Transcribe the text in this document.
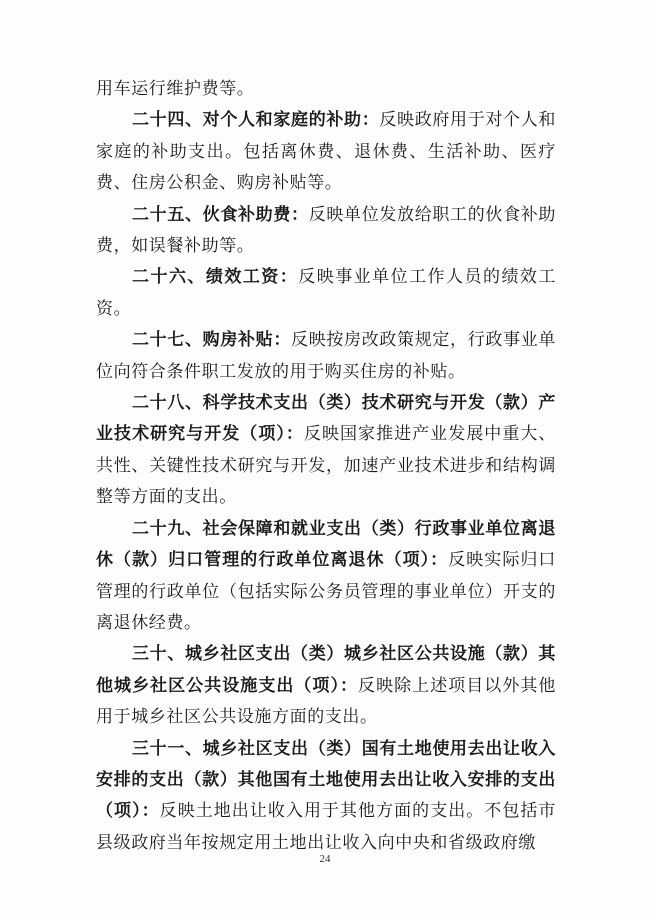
用车运行维护费等。

二十四、对个人和家庭的补助：反映政府用于对个人和家庭的补助支出。包括离休费、退休费、生活补助、医疗费、住房公积金、购房补贴等。

二十五、伙食补助费：反映单位发放给职工的伙食补助费，如误餐补助等。

二十六、绩效工资：反映事业单位工作人员的绩效工资。

二十七、购房补贴：反映按房改政策规定，行政事业单位向符合条件职工发放的用于购买住房的补贴。

二十八、科学技术支出（类）技术研究与开发（款）产业技术研究与开发（项）：反映国家推进产业发展中重大、共性、关键性技术研究与开发，加速产业技术进步和结构调整等方面的支出。

二十九、社会保障和就业支出（类）行政事业单位离退休（款）归口管理的行政单位离退休（项）：反映实际归口管理的行政单位（包括实际公务员管理的事业单位）开支的离退休经费。

三十、城乡社区支出（类）城乡社区公共设施（款）其他城乡社区公共设施支出（项）：反映除上述项目以外其他用于城乡社区公共设施方面的支出。

三十一、城乡社区支出（类）国有土地使用去出让收入安排的支出（款）其他国有土地使用去出让收入安排的支出（项）：反映土地出让收入用于其他方面的支出。不包括市县级政府当年按规定用土地出让收入向中央和省级政府缴

24
